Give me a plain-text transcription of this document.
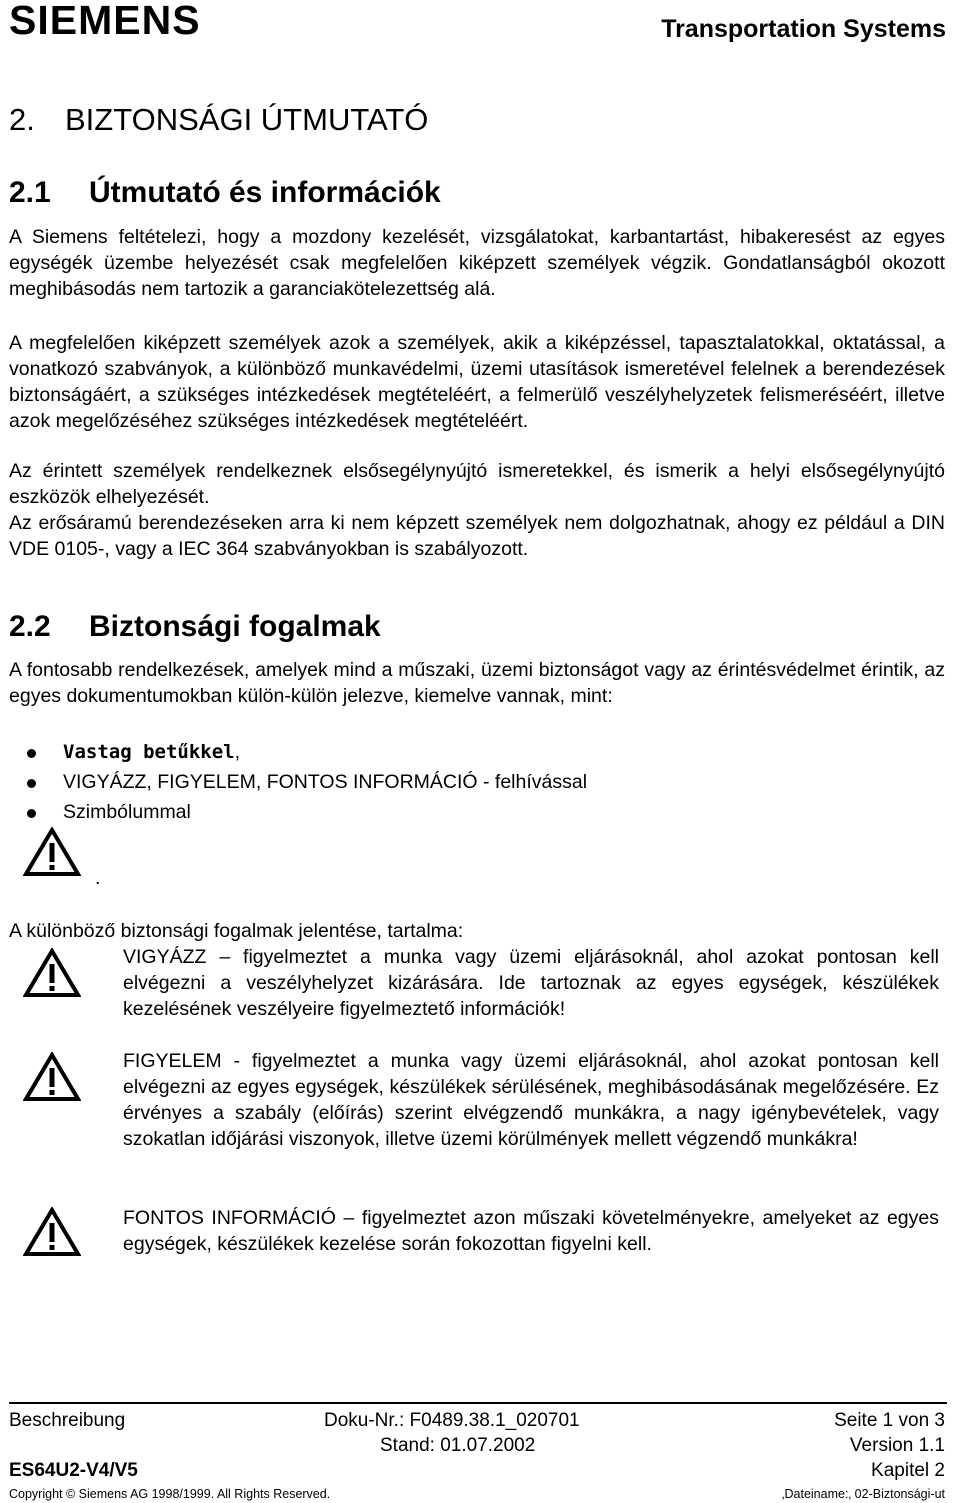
SIEMENS	Transportation Systems
2. BIZTONSÁGI ÚTMUTATÓ
2.1 Útmutató és információk

A Siemens feltételezi, hogy a mozdony kezelését, vizsgálatokat, karbantartást, hibakeresést az egyes egységék üzembe helyezését csak megfelelően kiképzett személyek végzik. Gondatlanságból okozott meghibásodás nem tartozik a garanciakötelezettség alá.

A megfelelően kiképzett személyek azok a személyek, akik a kiképzéssel, tapasztalatokkal, oktatással, a vonatkozó szabványok, a különböző munkavédelmi, üzemi utasítások ismeretével felelnek a berendezések biztonságáért, a szükséges intézkedések megtételéért, a felmerülő veszélyhelyzetek felismeréséért, illetve azok megelőzéséhez szükséges intézkedések megtételéért.

Az érintett személyek rendelkeznek elsősegélynyújtó ismeretekkel, és ismerik a helyi elsősegélynyújtó eszközök elhelyezését.

Az erősáramú berendezéseken arra ki nem képzett személyek nem dolgozhatnak, ahogy ez például a DIN VDE 0105-, vagy a IEC 364 szabványokban is szabályozott.

2.2 Biztonsági fogalmak

A fontosabb rendelkezések, amelyek mind a műszaki, üzemi biztonságot vagy az érintésvédelmet érintik, az egyes dokumentumokban külön-külön jelezve, kiemelve vannak, mint:

Vastag betűkkel,
VIGYÁZZ, FIGYELEM, FONTOS INFORMÁCIÓ - felhívással
Szimbólummal
.
A különböző biztonsági fogalmak jelentése, tartalma:

VIGYÁZZ – figyelmeztet a munka vagy üzemi eljárásoknál, ahol azokat pontosan kell elvégezni a veszélyhelyzet kizárására. Ide tartoznak az egyes egységek, készülékek kezelésének veszélyeire figyelmeztető információk!

FIGYELEM - figyelmeztet a munka vagy üzemi eljárásoknál, ahol azokat pontosan kell elvégezni az egyes egységek, készülékek sérülésének, meghibásodásának megelőzésére. Ez érvényes a szabály (előírás) szerint elvégzendő munkákra, a nagy igénybevételek, vagy szokatlan időjárási viszonyok, illetve üzemi körülmények mellett végzendő munkákra!

FONTOS INFORMÁCIÓ – figyelmeztet azon műszaki követelményekre, amelyeket az egyes egységek, készülékek kezelése során fokozottan figyelni kell.

Beschreibung	Doku-Nr.: F0489.38.1_020701	Seite 1 von 3
Stand: 01.07.2002	Version 1.1
ES64U2-V4/V5	Kapitel 2
Copyright © Siemens AG 1998/1999. All Rights Reserved.	‚Dateiname:‚ 02-Biztonsági-ut
